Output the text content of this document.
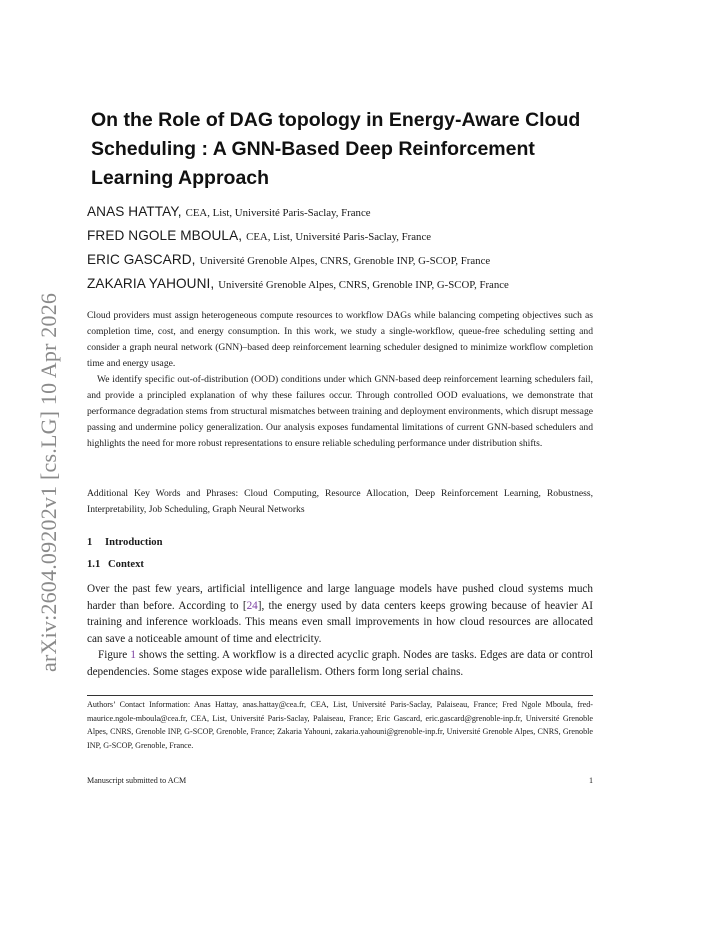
arXiv:2604.09202v1 [cs.LG] 10 Apr 2026
On the Role of DAG topology in Energy-Aware Cloud Scheduling : A GNN-Based Deep Reinforcement Learning Approach
ANAS HATTAY, CEA, List, Université Paris-Saclay, France
FRED NGOLE MBOULA, CEA, List, Université Paris-Saclay, France
ERIC GASCARD, Université Grenoble Alpes, CNRS, Grenoble INP, G-SCOP, France
ZAKARIA YAHOUNI, Université Grenoble Alpes, CNRS, Grenoble INP, G-SCOP, France

Cloud providers must assign heterogeneous compute resources to workflow DAGs while balancing competing objectives such as completion time, cost, and energy consumption. In this work, we study a single-workflow, queue-free scheduling setting and consider a graph neural network (GNN)–based deep reinforcement learning scheduler designed to minimize workflow completion time and energy usage.

We identify specific out-of-distribution (OOD) conditions under which GNN-based deep reinforcement learning schedulers fail, and provide a principled explanation of why these failures occur. Through controlled OOD evaluations, we demonstrate that performance degradation stems from structural mismatches between training and deployment environments, which disrupt message passing and undermine policy generalization. Our analysis exposes fundamental limitations of current GNN-based schedulers and highlights the need for more robust representations to ensure reliable scheduling performance under distribution shifts.

Additional Key Words and Phrases: Cloud Computing, Resource Allocation, Deep Reinforcement Learning, Robustness, Interpretability, Job Scheduling, Graph Neural Networks

1 Introduction
1.1 Context

Over the past few years, artificial intelligence and large language models have pushed cloud systems much harder than before. According to [24], the energy used by data centers keeps growing because of heavier AI training and inference workloads. This means even small improvements in how cloud resources are allocated can save a noticeable amount of time and electricity.

Figure 1 shows the setting. A workflow is a directed acyclic graph. Nodes are tasks. Edges are data or control dependencies. Some stages expose wide parallelism. Others form long serial chains.

Authors’ Contact Information: Anas Hattay, anas.hattay@cea.fr, CEA, List, Université Paris-Saclay, Palaiseau, France; Fred Ngole Mboula, fred-maurice.ngole-mboula@cea.fr, CEA, List, Université Paris-Saclay, Palaiseau, France; Eric Gascard, eric.gascard@grenoble-inp.fr, Université Grenoble Alpes, CNRS, Grenoble INP, G-SCOP, Grenoble, France; Zakaria Yahouni, zakaria.yahouni@grenoble-inp.fr, Université Grenoble Alpes, CNRS, Grenoble INP, G-SCOP, Grenoble, France.

Manuscript submitted to ACM	1
